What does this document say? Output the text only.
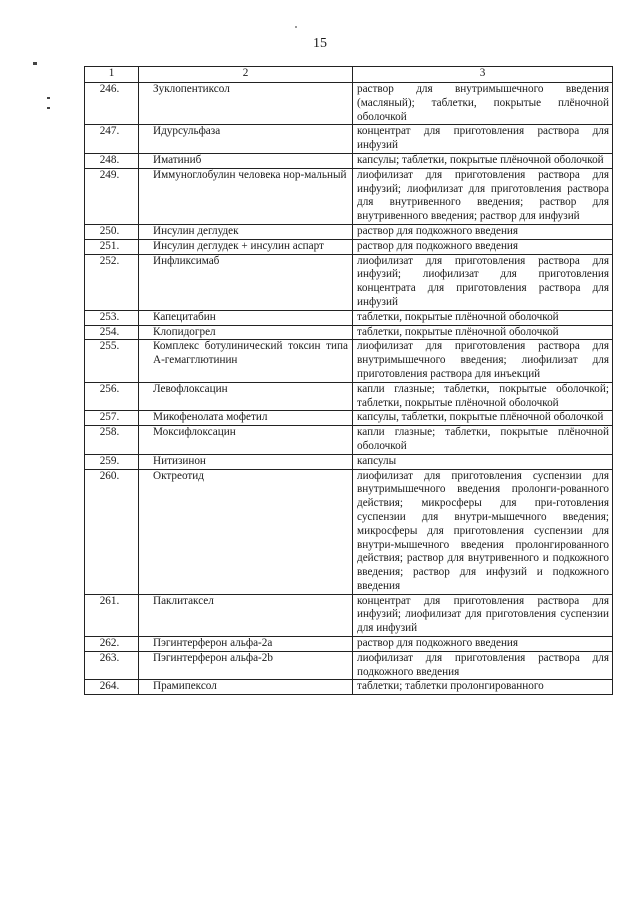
15
1	2	3
246.	Зуклопентиксол	раствор для внутримышечного введения (масляный); таблетки, покрытые плёночной оболочкой
247.	Идурсульфаза	концентрат для приготовления раствора для инфузий
248.	Иматиниб	капсулы; таблетки, покрытые плёночной оболочкой
249.	Иммуноглобулин человека нор-мальный	лиофилизат для приготовления раствора для инфузий; лиофилизат для приготовления раствора для внутривенного введения; раствор для внутривенного введения; раствор для инфузий
250.	Инсулин деглудек	раствор для подкожного введения
251.	Инсулин деглудек + инсулин аспарт	раствор для подкожного введения
252.	Инфликсимаб	лиофилизат для приготовления раствора для инфузий; лиофилизат для приготовления концентрата для приготовления раствора для инфузий
253.	Капецитабин	таблетки, покрытые плёночной оболочкой
254.	Клопидогрел	таблетки, покрытые плёночной оболочкой
255.	Комплекс ботулинический токсин типа А-гемагглютинин	лиофилизат для приготовления раствора для внутримышечного введения; лиофилизат для приготовления раствора для инъекций
256.	Левофлоксацин	капли глазные; таблетки, покрытые оболочкой; таблетки, покрытые плёночной оболочкой
257.	Микофенолата мофетил	капсулы, таблетки, покрытые плёночной оболочкой
258.	Моксифлоксацин	капли глазные; таблетки, покрытые плёночной оболочкой
259.	Нитизинон	капсулы
260.	Октреотид	лиофилизат для приготовления суспензии для внутримышечного введения пролонги-рованного действия; микросферы для при-готовления суспензии для внутри-мышечного введения; микросферы для приготовления суспензии для внутри-мышечного введения пролонгированного действия; раствор для внутривенного и подкожного введения; раствор для инфузий и подкожного введения
261.	Паклитаксел	концентрат для приготовления раствора для инфузий; лиофилизат для приготовления суспензии для инфузий
262.	Пэгинтерферон альфа-2а	раствор для подкожного введения
263.	Пэгинтерферон альфа-2b	лиофилизат для приготовления раствора для подкожного введения
264.	Прамипексол	таблетки; таблетки пролонгированного
